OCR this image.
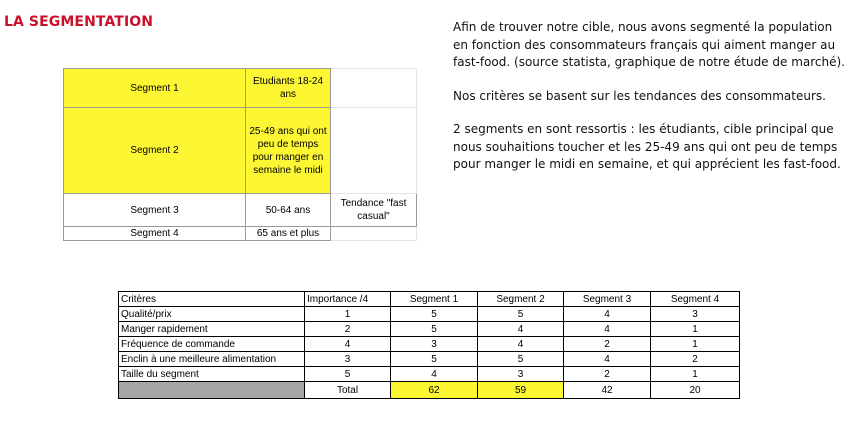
LA SEGMENTATION
Segment 1	Etudiants 18-24 ans	
Segment 2	25-49 ans qui ont peu de temps pour manger en semaine le midi	
Segment 3	50-64 ans	Tendance "fast casual"
Segment 4	65 ans et plus	

Afin de trouver notre cible, nous avons segmenté la population en fonction des consommateurs français qui aiment manger au fast-food. (source statista, graphique de notre étude de marché).

Nos critères se basent sur les tendances des consommateurs.

2 segments en sont ressortis : les étudiants, cible principal que nous souhaitions toucher et les 25-49 ans qui ont peu de temps pour manger le midi en semaine, et qui apprécient les fast-food.

Critères	Importance /4	Segment 1	Segment 2	Segment 3	Segment 4
Qualité/prix	1	5	5	4	3
Manger rapidement	2	5	4	4	1
Fréquence de commande	4	3	4	2	1
Enclin à une meilleure alimentation	3	5	5	4	2
Taille du segment	5	4	3	2	1
	Total	62	59	42	20
